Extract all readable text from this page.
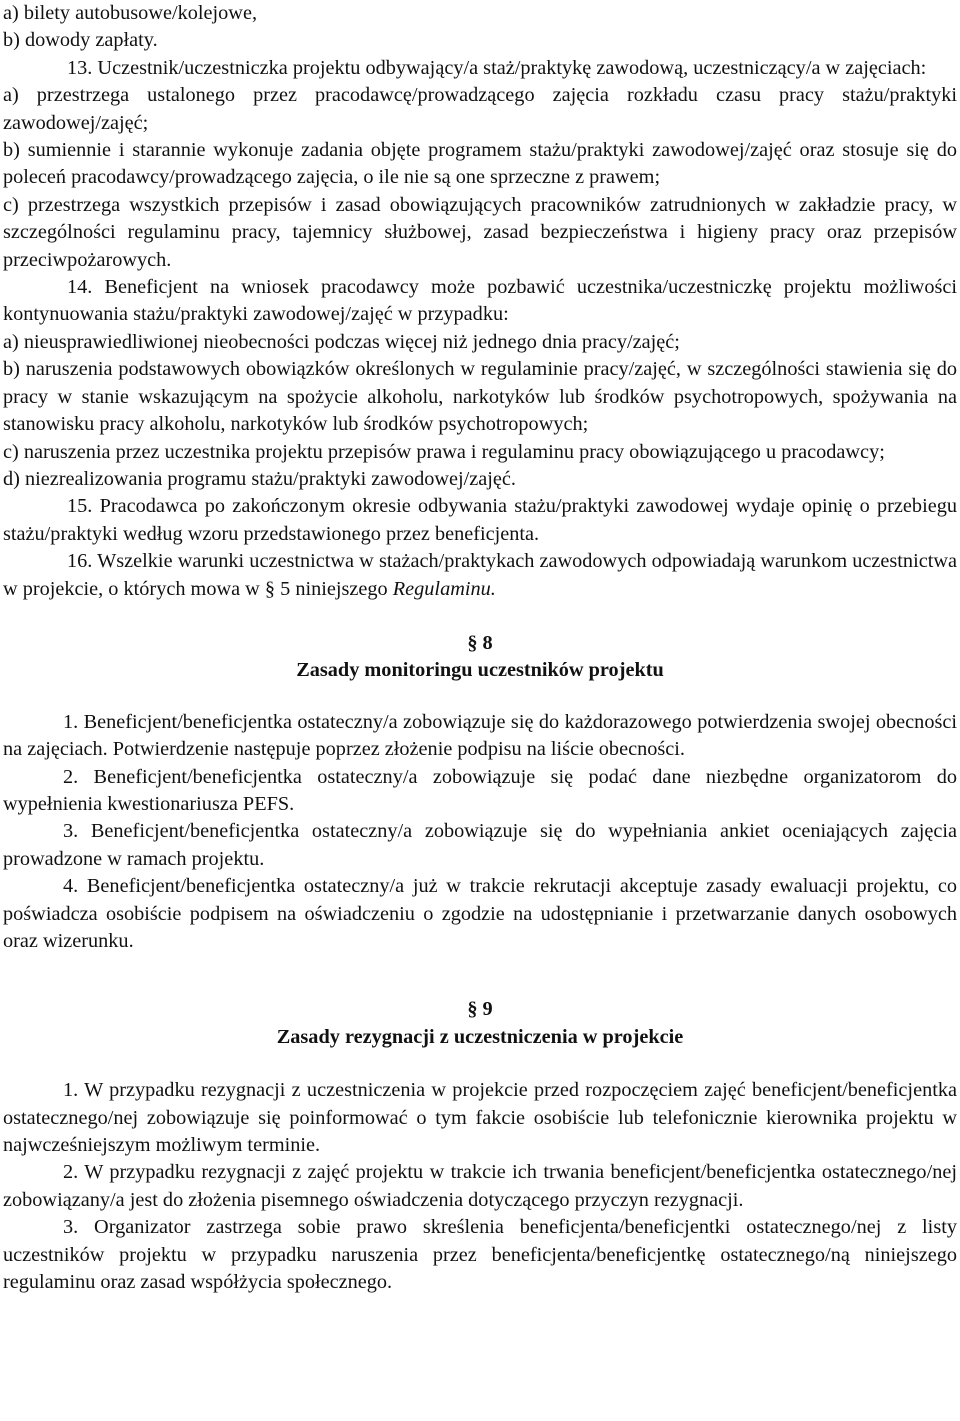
a) bilety autobusowe/kolejowe,

b) dowody zapłaty.

13. Uczestnik/uczestniczka projektu odbywający/a staż/praktykę zawodową, uczestniczący/a w zajęciach:

a) przestrzega ustalonego przez pracodawcę/prowadzącego zajęcia rozkładu czasu pracy stażu/praktyki zawodowej/zajęć;

b) sumiennie i starannie wykonuje zadania objęte programem stażu/praktyki zawodowej/zajęć oraz stosuje się do poleceń pracodawcy/prowadzącego zajęcia, o ile nie są one sprzeczne z prawem;

c) przestrzega wszystkich przepisów i zasad obowiązujących pracowników zatrudnionych w zakładzie pracy, w szczególności regulaminu pracy, tajemnicy służbowej, zasad bezpieczeństwa i higieny pracy oraz przepisów przeciwpożarowych.

14. Beneficjent na wniosek pracodawcy może pozbawić uczestnika/uczestniczkę projektu możliwości kontynuowania stażu/praktyki zawodowej/zajęć w przypadku:

a) nieusprawiedliwionej nieobecności podczas więcej niż jednego dnia pracy/zajęć;

b) naruszenia podstawowych obowiązków określonych w regulaminie pracy/zajęć, w szczególności stawienia się do pracy w stanie wskazującym na spożycie alkoholu, narkotyków lub środków psychotropowych, spożywania na stanowisku pracy alkoholu, narkotyków lub środków psychotropowych;

c) naruszenia przez uczestnika projektu przepisów prawa i regulaminu pracy obowiązującego u pracodawcy;

d) niezrealizowania programu stażu/praktyki zawodowej/zajęć.

15. Pracodawca po zakończonym okresie odbywania stażu/praktyki zawodowej wydaje opinię o przebiegu stażu/praktyki według wzoru przedstawionego przez beneficjenta.

16. Wszelkie warunki uczestnictwa w stażach/praktykach zawodowych odpowiadają warunkom uczestnictwa w projekcie, o których mowa w § 5 niniejszego Regulaminu.

§ 8

Zasady monitoringu uczestników projektu

1. Beneficjent/beneficjentka ostateczny/a zobowiązuje się do każdorazowego potwierdzenia swojej obecności na zajęciach. Potwierdzenie następuje poprzez złożenie podpisu na liście obecności.

2. Beneficjent/beneficjentka ostateczny/a zobowiązuje się podać dane niezbędne organizatorom do wypełnienia kwestionariusza PEFS.

3. Beneficjent/beneficjentka ostateczny/a zobowiązuje się do wypełniania ankiet oceniających zajęcia prowadzone w ramach projektu.

4. Beneficjent/beneficjentka ostateczny/a już w trakcie rekrutacji akceptuje zasady ewaluacji projektu, co poświadcza osobiście podpisem na oświadczeniu o zgodzie na udostępnianie i przetwarzanie danych osobowych oraz wizerunku.

§ 9

Zasady rezygnacji z uczestniczenia w projekcie

1. W przypadku rezygnacji z uczestniczenia w projekcie przed rozpoczęciem zajęć beneficjent/beneficjentka ostatecznego/nej zobowiązuje się poinformować o tym fakcie osobiście lub telefonicznie kierownika projektu w najwcześniejszym możliwym terminie.

2. W przypadku rezygnacji z zajęć projektu w trakcie ich trwania beneficjent/beneficjentka ostatecznego/nej zobowiązany/a jest do złożenia pisemnego oświadczenia dotyczącego przyczyn rezygnacji.

3. Organizator zastrzega sobie prawo skreślenia beneficjenta/beneficjentki ostatecznego/nej z listy uczestników projektu w przypadku naruszenia przez beneficjenta/beneficjentkę ostatecznego/ną niniejszego regulaminu oraz zasad współżycia społecznego.
